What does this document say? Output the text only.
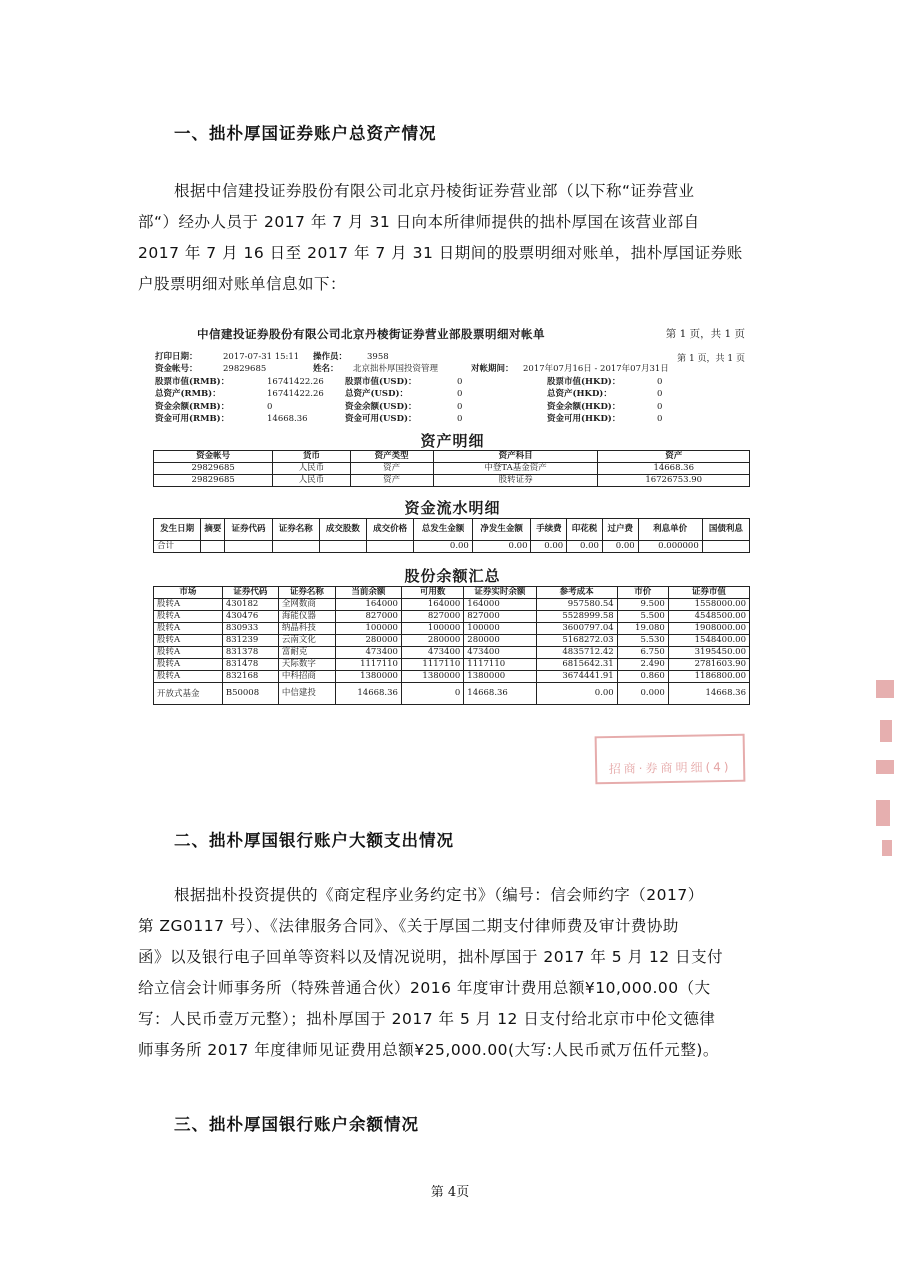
一、拙朴厚国证券账户总资产情况
根据中信建投证券股份有限公司北京丹棱街证券营业部（以下称“证券营业
部“）经办人员于 2017 年 7 月 31 日向本所律师提供的拙朴厚国在该营业部自
2017 年 7 月 16 日至 2017 年 7 月 31 日期间的股票明细对账单，拙朴厚国证券账
户股票明细对账单信息如下：
中信建投证券股份有限公司北京丹棱街证券营业部股票明细对帐单	第 1 页，共 1 页
第 1 页，共 1 页
打印日期：	2017-07-31 15:11 操作员： 3958
资金帐号：	29829685	姓名： 北京拙朴厚国投资管理	对帐期间： 2017年07月16日 - 2017年07月31日
股票市值(RMB)：	16741422.26 股票市值(USD)：	0	股票市值(HKD)：	0
总资产(RMB)：	16741422.26 总资产(USD)：	0	总资产(HKD)：	0
资金余额(RMB)：	0	资金余额(USD)：	0	资金余额(HKD)：	0
资金可用(RMB)：	14668.36	资金可用(USD)：	0	资金可用(HKD)：	0
资产明细
资金帐号	货币	资产类型	资产科目	资产
29829685	人民币	资产	中登TA基金资产	14668.36
29829685	人民币	资产	股转证券	16726753.90
资金流水明细
发生日期	摘要	证券代码	证券名称	成交股数	成交价格	总发生金额	净发生金额	手续费	印花税	过户费	利息单价	国债利息
合计						0.00	0.00	0.00	0.00	0.00	0.000000	
股份余额汇总
市场	证券代码	证券名称	当前余额	可用数	证券实时余额	参考成本	市价	证券市值
股转A	430182	全网数商	164000	164000	164000	957580.54	9.500	1558000.00
股转A	430476	海能仪器	827000	827000	827000	5528999.58	5.500	4548500.00
股转A	830933	纳晶科技	100000	100000	100000	3600797.04	19.080	1908000.00
股转A	831239	云南文化	280000	280000	280000	5168272.03	5.530	1548400.00
股转A	831378	富耐克	473400	473400	473400	4835712.42	6.750	3195450.00
股转A	831478	天际数字	1117110	1117110	1117110	6815642.31	2.490	2781603.90
股转A	832168	中科招商	1380000	1380000	1380000	3674441.91	0.860	1186800.00
开放式基金	B50008	中信建投	14668.36	0	14668.36	0.00	0.000	14668.36
招商·券商明细(4)
二、拙朴厚国银行账户大额支出情况
根据拙朴投资提供的《商定程序业务约定书》（编号：信会师约字（2017）
第 ZG0117 号）、《法律服务合同》、《关于厚国二期支付律师费及审计费协助
函》以及银行电子回单等资料以及情况说明，拙朴厚国于 2017 年 5 月 12 日支付
给立信会计师事务所（特殊普通合伙）2016 年度审计费用总额¥10,000.00（大
写：人民币壹万元整）；拙朴厚国于 2017 年 5 月 12 日支付给北京市中伦文德律
师事务所 2017 年度律师见证费用总额¥25,000.00(大写:人民币贰万伍仟元整)。
三、拙朴厚国银行账户余额情况
第 4页
